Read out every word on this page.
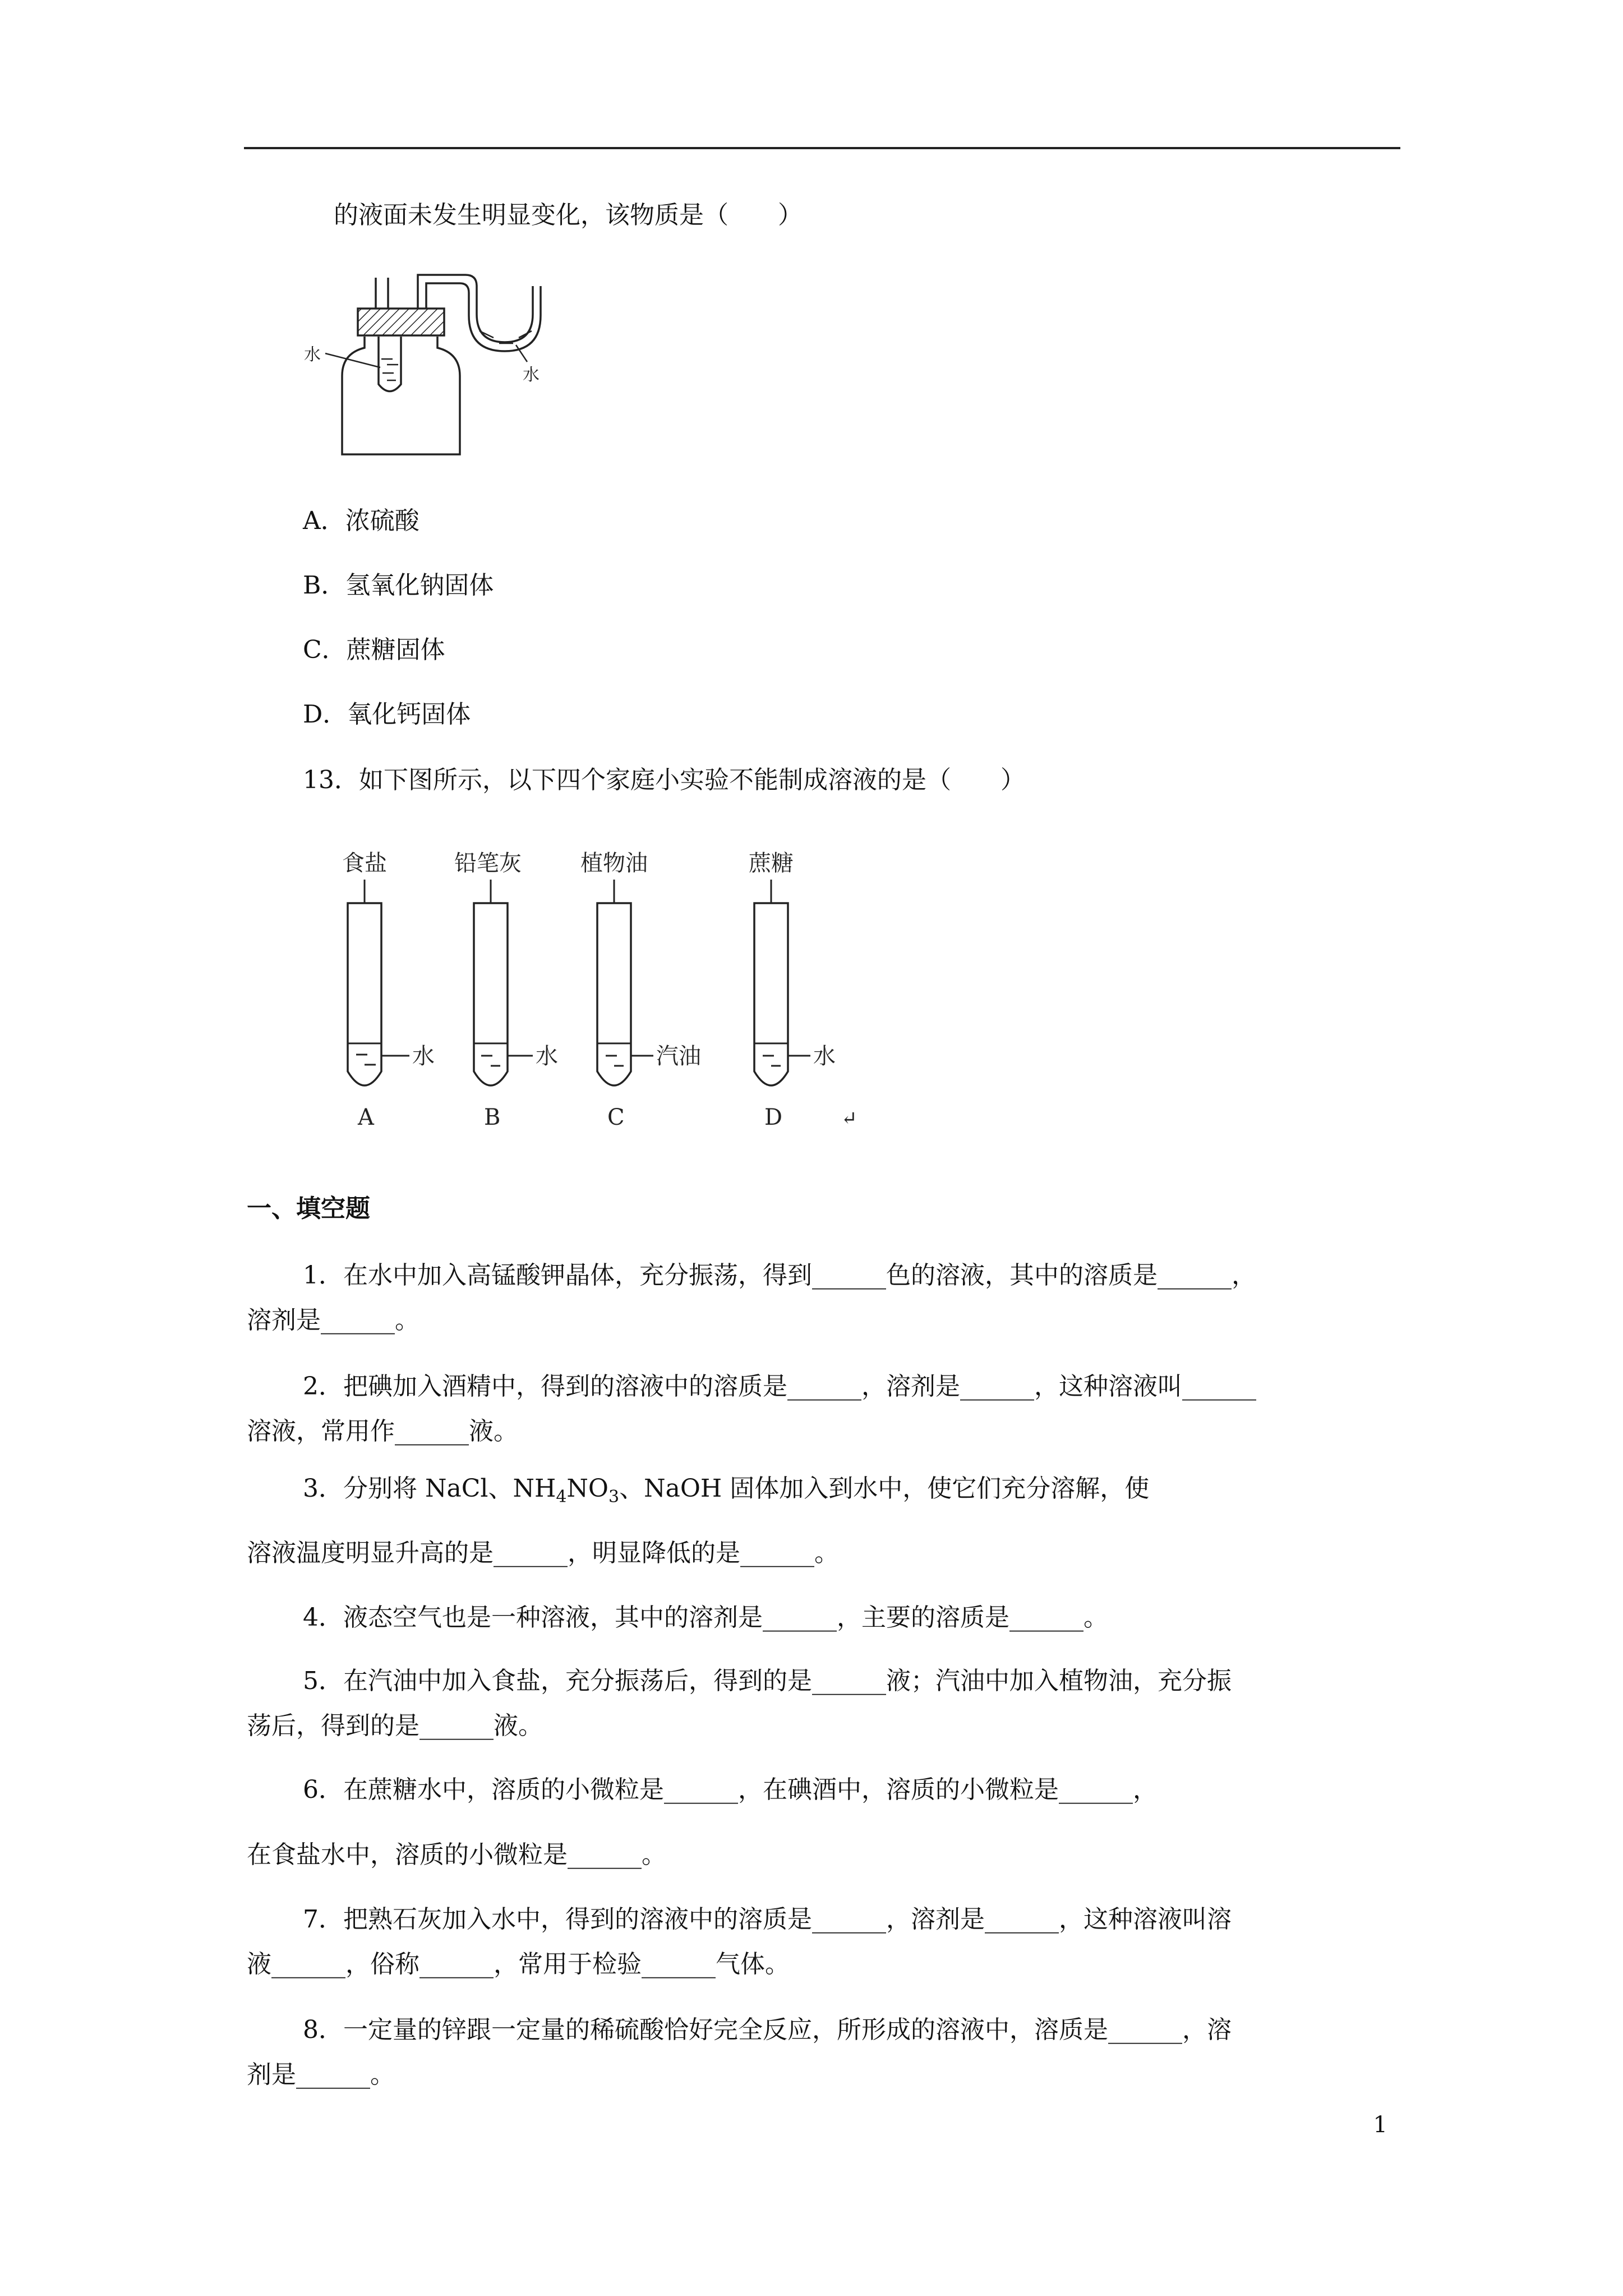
的液面未发生明显变化，该物质是（　　）
水
水
A．浓硫酸
B．氢氧化钠固体
C．蔗糖固体
D．氧化钙固体
13．如下图所示，以下四个家庭小实验不能制成溶液的是（　　）
食盐	铅笔灰	植物油	蔗糖
水	水	汽油	水
A	B	C	D	↵
一、填空题
1．在水中加入高锰酸钾晶体，充分振荡，得到______色的溶液，其中的溶质是______，
溶剂是______。
2．把碘加入酒精中，得到的溶液中的溶质是______，溶剂是______，这种溶液叫______
溶液，常用作______液。
3．分别将 NaCl、$NH_4NO_3$、NaOH 固体加入到水中，使它们充分溶解，使
溶液温度明显升高的是______，明显降低的是______。
4．液态空气也是一种溶液，其中的溶剂是______，主要的溶质是______。
5．在汽油中加入食盐，充分振荡后，得到的是______液；汽油中加入植物油，充分振
荡后，得到的是______液。
6．在蔗糖水中，溶质的小微粒是______，在碘酒中，溶质的小微粒是______，
在食盐水中，溶质的小微粒是______。
7．把熟石灰加入水中，得到的溶液中的溶质是______，溶剂是______，这种溶液叫溶
液______，俗称______，常用于检验______气体。
8．一定量的锌跟一定量的稀硫酸恰好完全反应，所形成的溶液中，溶质是______，溶
剂是______。
1
